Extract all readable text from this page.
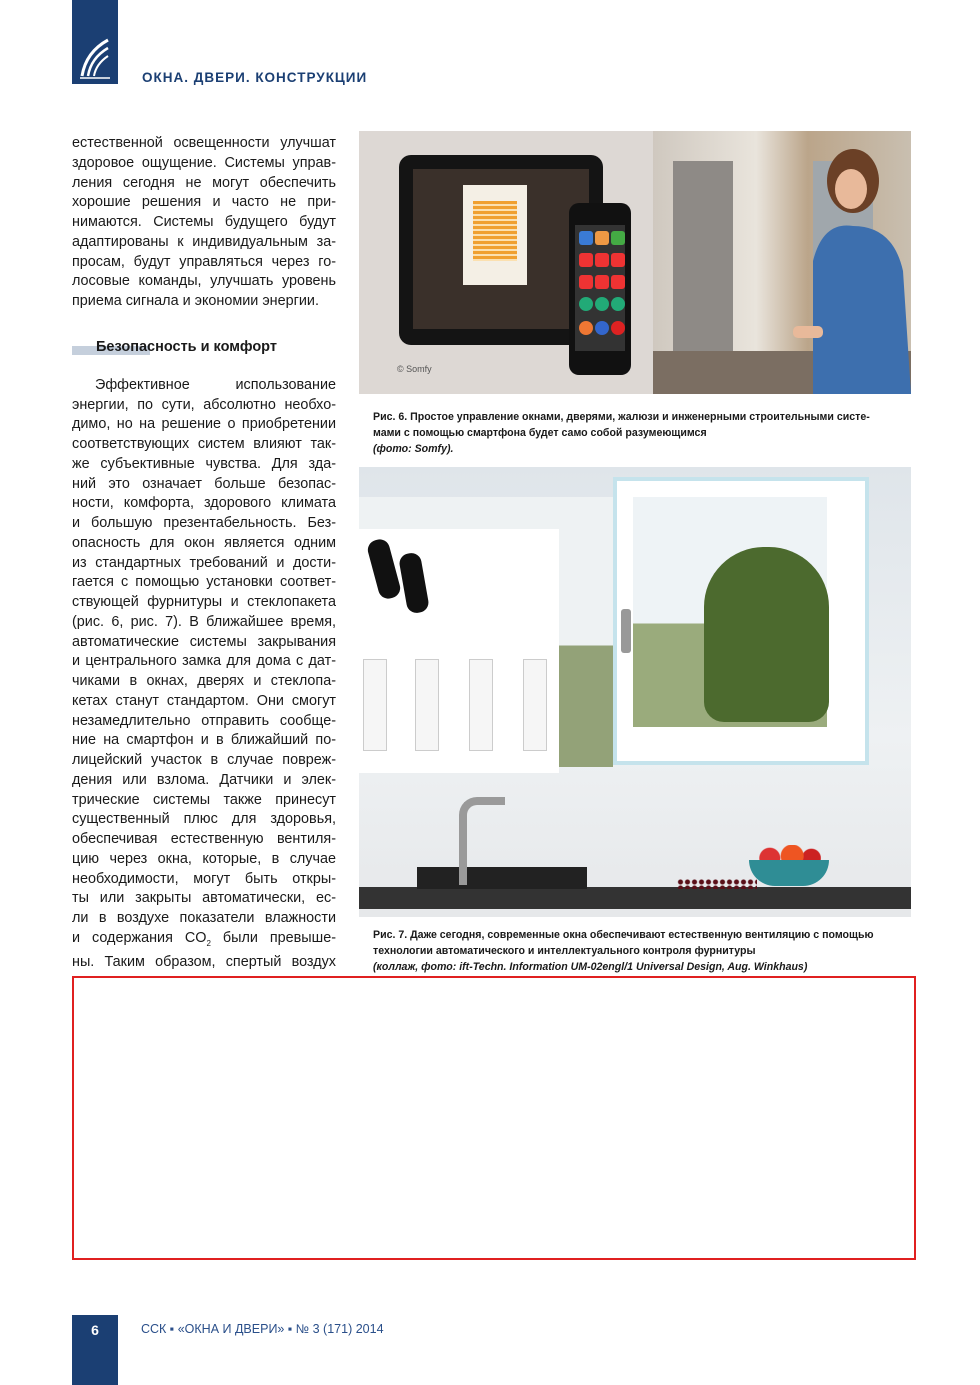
ОКНА. ДВЕРИ. КОНСТРУКЦИИ
естественной освещенности улучшат
здоровое ощущение. Системы управ-
ления сегодня не могут обеспечить
хорошие решения и часто не при-
нимаются. Системы будущего будут
адаптированы к индивидуальным за-
просам, будут управляться через го-
лосовые команды, улучшать уровень
приема сигнала и экономии энергии.
Безопасность и комфорт
Эффективное использование
энергии, по сути, абсолютно необхо-
димо, но на решение о приобретении
соответствующих систем влияют так-
же субъективные чувства. Для зда-
ний это означает больше безопас-
ности, комфорта, здорового климата
и большую презентабельность. Без-
опасность для окон является одним
из стандартных требований и дости-
гается с помощью установки соответ-
ствующей фурнитуры и стеклопакета
(рис. 6, рис. 7). В ближайшее время,
автоматические системы закрывания
и центрального замка для дома с дат-
чиками в окнах, дверях и стеклопа-
кетах станут стандартом. Они смогут
незамедлительно отправить сообще-
ние на смартфон и в ближайший по-
лицейский участок в случае повреж-
дения или взлома. Датчики и элек-
трические системы также принесут
существенный плюс для здоровья,
обеспечивая естественную вентиля-
цию через окна, которые, в случае
необходимости, могут быть откры-
ты или закрыты автоматически, ес-
ли в воздухе показатели влажности
и содержания $CO_2$ были превыше-
ны. Таким образом, спертый воздух
© Somfy
Рис. 6. Простое управление окнами, дверями, жалюзи и инженерными строительными систе-
мами с помощью смартфона будет само собой разумеющимся
(фото: Somfy).
Рис. 7. Даже сегодня, современные окна обеспечивают естественную вентиляцию с помощью
технологии автоматического и интеллектуального контроля фурнитуры
(коллаж, фото: ift-Techn. Information UM-02engl/1 Universal Design, Aug. Winkhaus)
6	ССК ▪ «ОКНА И ДВЕРИ» ▪ № 3 (171) 2014
